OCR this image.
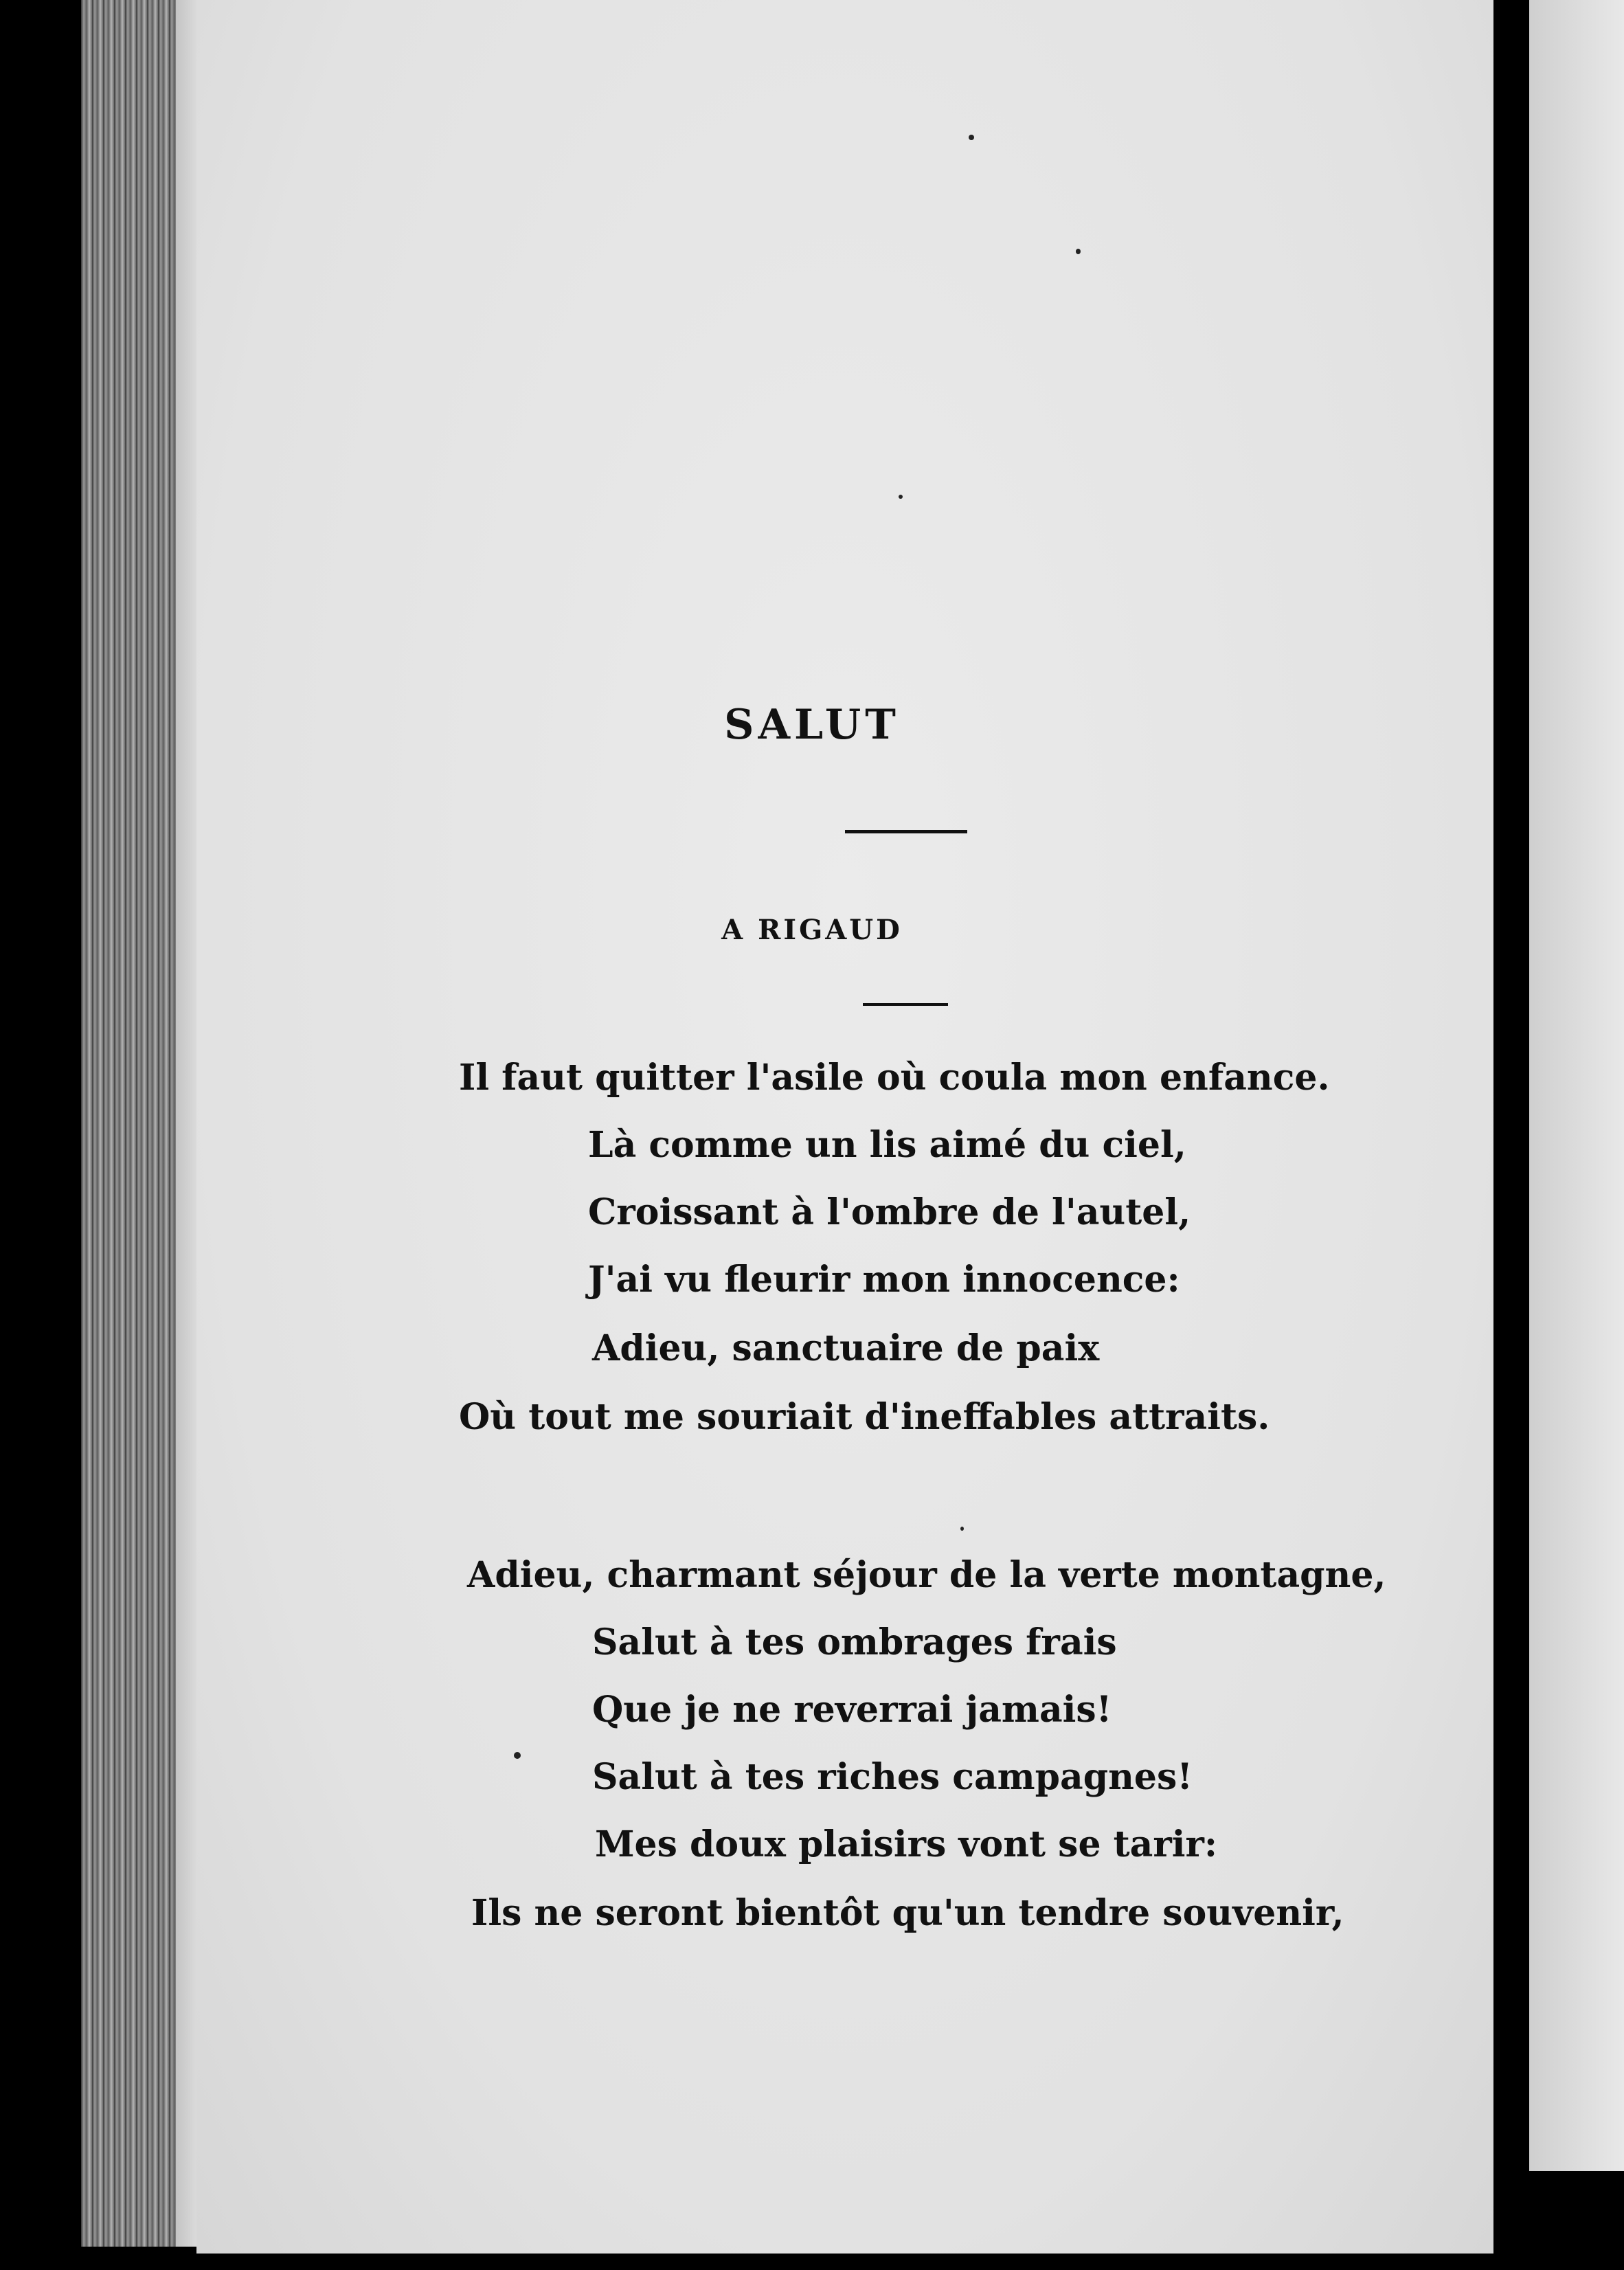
SALUT
A RIGAUD
Il faut quitter l'asile où coula mon enfance.
Là comme un lis aimé du ciel,
Croissant à l'ombre de l'autel,
J'ai vu fleurir mon innocence:
Adieu, sanctuaire de paix
Où tout me souriait d'ineffables attraits.
Adieu, charmant séjour de la verte montagne,
Salut à tes ombrages frais
Que je ne reverrai jamais!
Salut à tes riches campagnes!
Mes doux plaisirs vont se tarir:
Ils ne seront bientôt qu'un tendre souvenir,
